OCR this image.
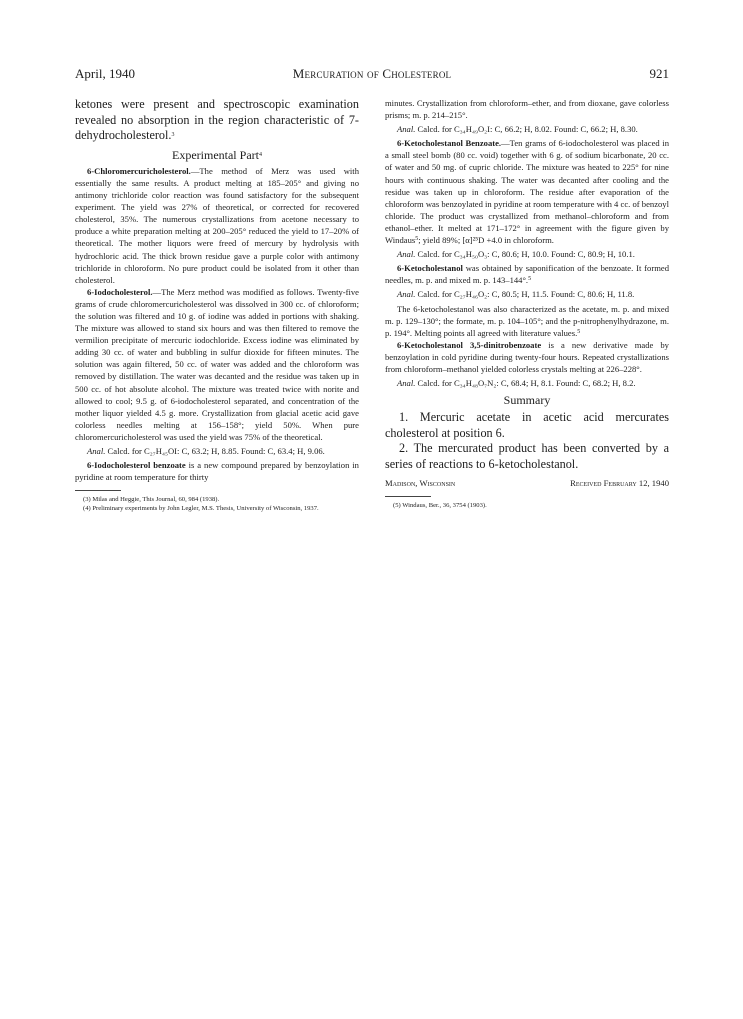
April, 1940	Mercuration of Cholesterol	921

ketones were present and spectroscopic examination revealed no absorption in the region characteristic of 7-dehydrocholesterol.$^3$

Experimental Part$^4$

6-Chloromercuricholesterol.—The method of Merz was used with essentially the same results. A product melting at 185–205° and giving no antimony trichloride color reaction was found satisfactory for the subsequent experiment. The yield was 27% of theoretical, or corrected for recovered cholesterol, 35%. The numerous crystallizations from acetone necessary to produce a white preparation melting at 200–205° reduced the yield to 17–20% of theoretical. The mother liquors were freed of mercury by hydrolysis with hydrochloric acid. The thick brown residue gave a purple color with antimony trichloride in chloroform. No pure product could be isolated from it other than cholesterol.

6-Iodocholesterol.—The Merz method was modified as follows. Twenty-five grams of crude chloromercuricholesterol was dissolved in 300 cc. of chloroform; the solution was filtered and 10 g. of iodine was added in portions with shaking. The mixture was allowed to stand six hours and was then filtered to remove the vermilion precipitate of mercuric iodochloride. Excess iodine was eliminated by adding 30 cc. of water and bubbling in sulfur dioxide for fifteen minutes. The solution was again filtered, 50 cc. of water was added and the chloroform was removed by distillation. The water was decanted and the residue was taken up in 500 cc. of hot absolute alcohol. The mixture was treated twice with norite and allowed to cool; 9.5 g. of 6-iodocholesterol separated, and concentration of the mother liquor yielded 4.5 g. more. Crystallization from glacial acetic acid gave colorless needles melting at 156–158°; yield 50%. When pure chloromercuricholesterol was used the yield was 75% of the theoretical.

Anal. Calcd. for C₂₇H₄₅OI: C, 63.2; H, 8.85. Found: C, 63.4; H, 9.06.

6-Iodocholesterol benzoate is a new compound prepared by benzoylation in pyridine at room temperature for thirty

(3) Milas and Heggie, This Journal, 60, 984 (1938).

(4) Preliminary experiments by John Legler, M.S. Thesis, University of Wisconsin, 1937.

minutes. Crystallization from chloroform–ether, and from dioxane, gave colorless prisms; m. p. 214–215°.

Anal. Calcd. for C₃₄H₄₉O₂I: C, 66.2; H, 8.02. Found: C, 66.2; H, 8.30.

6-Ketocholestanol Benzoate.—Ten grams of 6-iodocholesterol was placed in a small steel bomb (80 cc. void) together with 6 g. of sodium bicarbonate, 20 cc. of water and 50 mg. of cupric chloride. The mixture was heated to 225° for nine hours with continuous shaking. The water was decanted after cooling and the residue was taken up in chloroform. The residue after evaporation of the chloroform was benzoylated in pyridine at room temperature with 4 cc. of benzoyl chloride. The product was crystallized from methanol–chloroform and from ethanol–ether. It melted at 171–172° in agreement with the figure given by Windaus$^5$; yield 89%; [α]²⁵D +4.0 in chloroform.

Anal. Calcd. for C₃₄H₅₀O₃: C, 80.6; H, 10.0. Found: C, 80.9; H, 10.1.

6-Ketocholestanol was obtained by saponification of the benzoate. It formed needles, m. p. and mixed m. p. 143–144°.$^5$

Anal. Calcd. for C₂₇H₄₆O₂: C, 80.5; H, 11.5. Found: C, 80.6; H, 11.8.

The 6-ketocholestanol was also characterized as the acetate, m. p. and mixed m. p. 129–130°; the formate, m. p. 104–105°; and the p-nitrophenylhydrazone, m. p. 194°. Melting points all agreed with literature values.$^5$

6-Ketocholestanol 3,5-dinitrobenzoate is a new derivative made by benzoylation in cold pyridine during twenty-four hours. Repeated crystallizations from chloroform–methanol yielded colorless crystals melting at 226–228°.

Anal. Calcd. for C₃₄H₄₈O₇N₂: C, 68.4; H, 8.1. Found: C, 68.2; H, 8.2.

Summary

1. Mercuric acetate in acetic acid mercurates cholesterol at position 6.

2. The mercurated product has been converted by a series of reactions to 6-ketocholestanol.

Madison, Wisconsin	Received February 12, 1940

(5) Windaus, Ber., 36, 3754 (1903).
